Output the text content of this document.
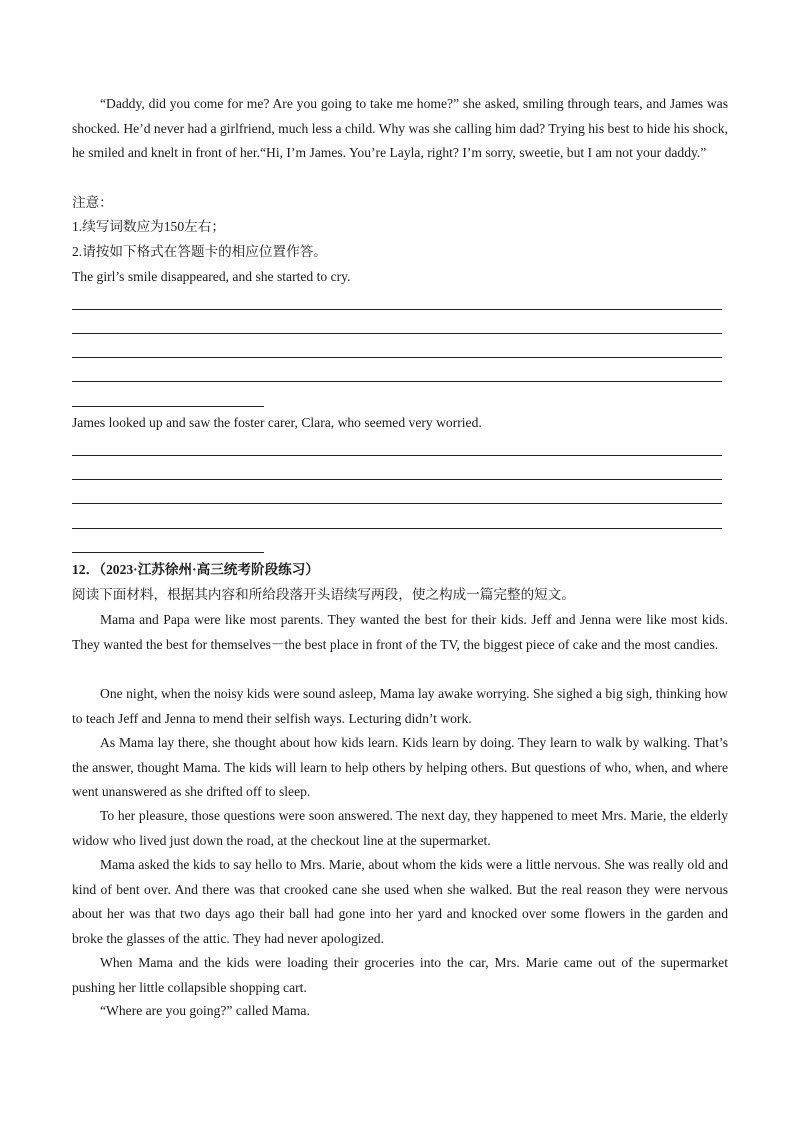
“Daddy, did you come for me? Are you going to take me home?” she asked, smiling through tears, and James was shocked. He’d never had a girlfriend, much less a child. Why was she calling him dad? Trying his best to hide his shock, he smiled and knelt in front of her.“Hi, I’m James. You’re Layla, right? I’m sorry, sweetie, but I am not your daddy.”

注意：

1.续写词数应为150左右；

2.请按如下格式在答题卡的相应位置作答。

The girl’s smile disappeared, and she started to cry.

James looked up and saw the foster carer, Clara, who seemed very worried.

12．（2023·江苏徐州·高三统考阶段练习）

阅读下面材料，根据其内容和所给段落开头语续写两段，使之构成一篇完整的短文。

Mama and Papa were like most parents. They wanted the best for their kids. Jeff and Jenna were like most kids. They wanted the best for themselves－the best place in front of the TV, the biggest piece of cake and the most candies.

One night, when the noisy kids were sound asleep, Mama lay awake worrying. She sighed a big sigh, thinking how to teach Jeff and Jenna to mend their selfish ways. Lecturing didn’t work.

As Mama lay there, she thought about how kids learn. Kids learn by doing. They learn to walk by walking. That’s the answer, thought Mama. The kids will learn to help others by helping others. But questions of who, when, and where went unanswered as she drifted off to sleep.

To her pleasure, those questions were soon answered. The next day, they happened to meet Mrs. Marie, the elderly widow who lived just down the road, at the checkout line at the supermarket.

Mama asked the kids to say hello to Mrs. Marie, about whom the kids were a little nervous. She was really old and kind of bent over. And there was that crooked cane she used when she walked. But the real reason they were nervous about her was that two days ago their ball had gone into her yard and knocked over some flowers in the garden and broke the glasses of the attic. They had never apologized.

When Mama and the kids were loading their groceries into the car, Mrs. Marie came out of the supermarket pushing her little collapsible shopping cart.

“Where are you going?” called Mama.
